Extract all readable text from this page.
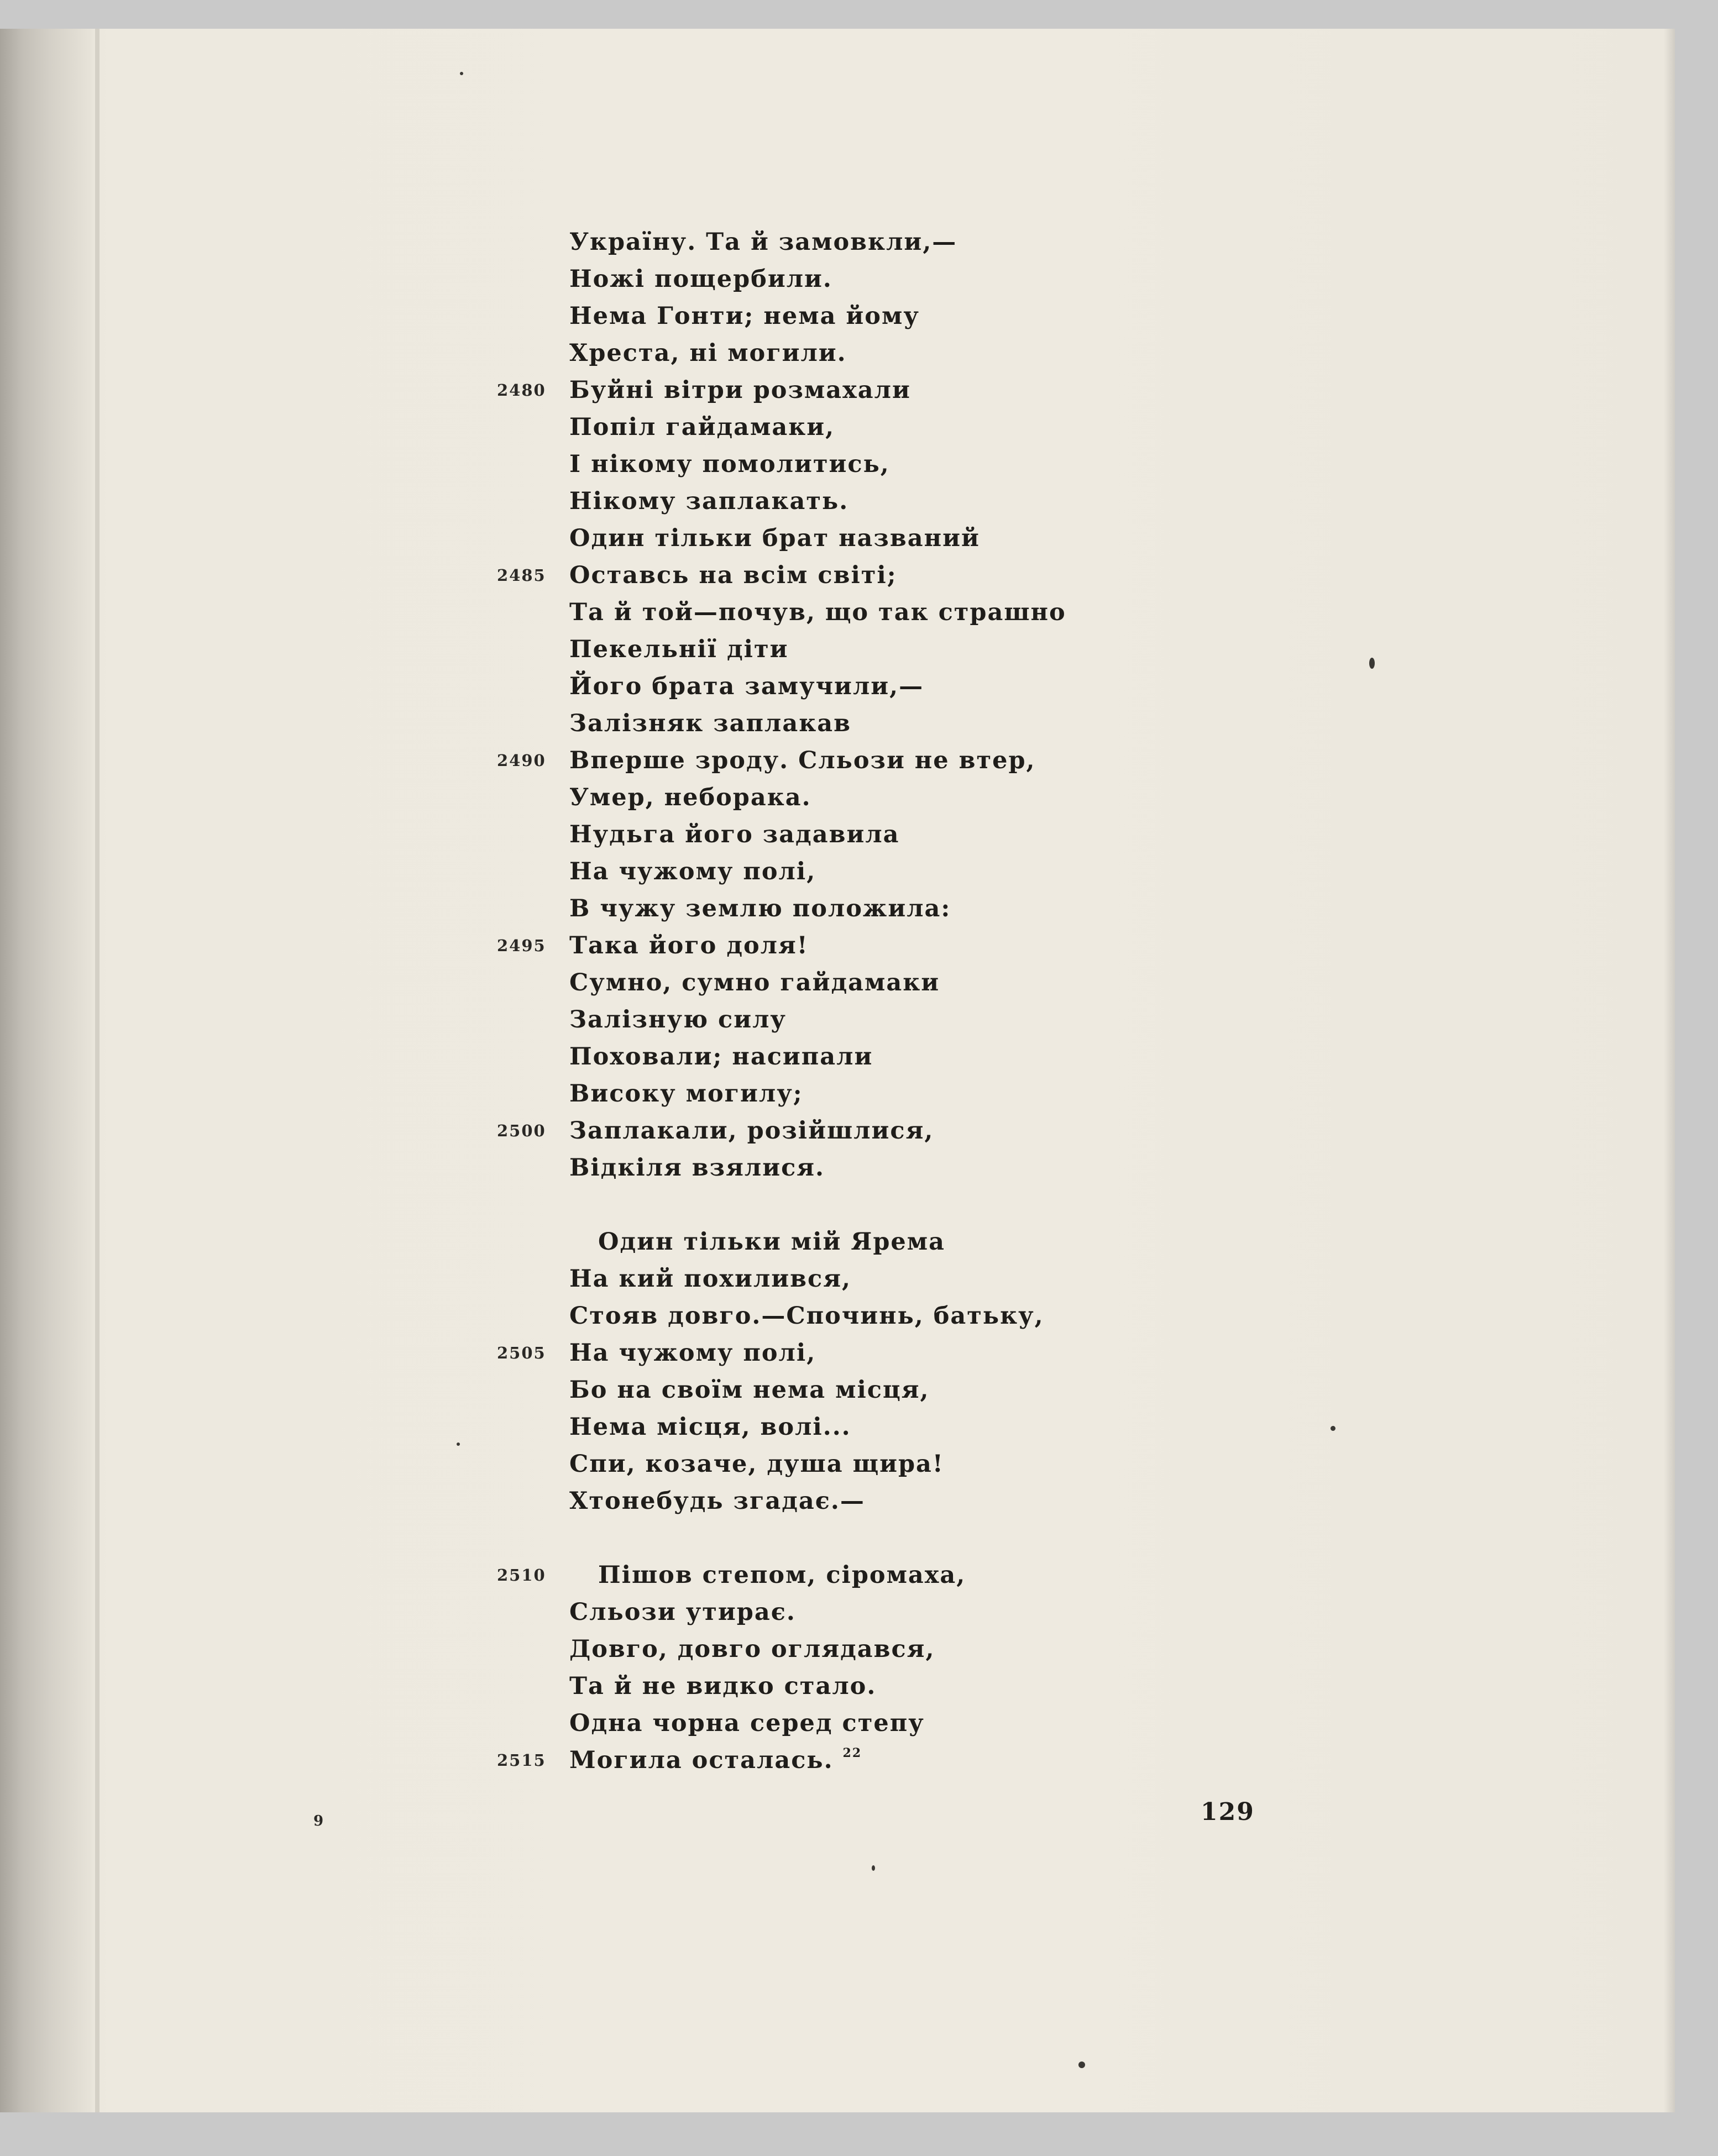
Україну. Та й замовкли,—
Ножі пощербили.
Нема Гонти; нема йому
Хреста, ні могили.
2480 Буйні вітри розмахали
Попіл гайдамаки,
І нікому помолитись,
Нікому заплакать.
Один тільки брат названий
2485 Оставсь на всім світі;
Та й той—почув, що так страшно
Пекельнії діти
Його брата замучили,—
Залізняк заплакав
2490 Вперше зроду. Сльози не втер,
Умер, неборака.
Нудьга його задавила
На чужому полі,
В чужу землю положила:
2495 Така його доля!
Сумно, сумно гайдамаки
Залізную силу
Поховали; насипали
Високу могилу;
2500 Заплакали, розійшлися,
Відкіля взялися.
Один тільки мій Ярема
На кий похилився,
Стояв довго.—Спочинь, батьку,
2505 На чужому полі,
Бо на своїм нема місця,
Нема місця, волі...
Спи, козаче, душа щира!
Хтонебудь згадає.—
2510 Пішов степом, сіромаха,
Сльози утирає.
Довго, довго оглядався,
Та й не видко стало.
Одна чорна серед степу
2515 Могила осталась. $^{22}$
9	129
